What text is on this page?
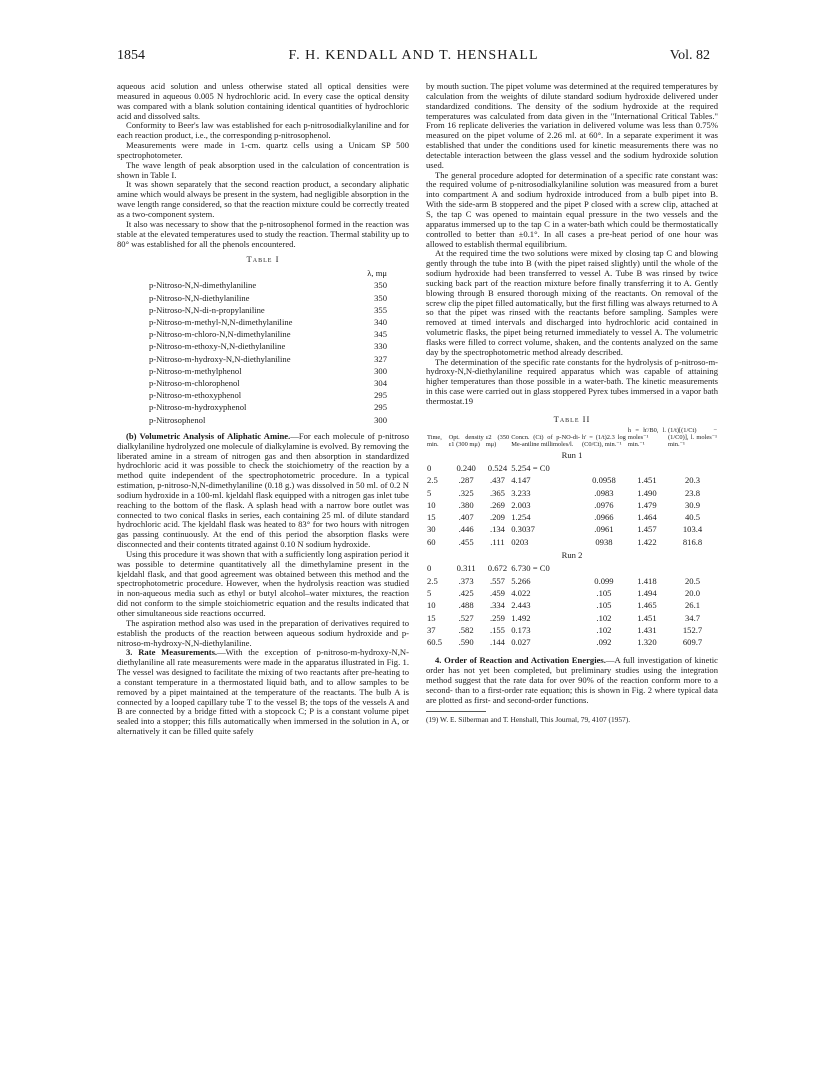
1854	F. H. KENDALL AND T. HENSHALL	Vol. 82

aqueous acid solution and unless otherwise stated all optical densities were measured in aqueous 0.005 N hydrochloric acid. In every case the optical density was compared with a blank solution containing identical quantities of hydrochloric acid and dissolved salts.

Conformity to Beer's law was established for each p-nitrosodialkylaniline and for each reaction product, i.e., the corresponding p-nitrosophenol.

Measurements were made in 1-cm. quartz cells using a Unicam SP 500 spectrophotometer.

The wave length of peak absorption used in the calculation of concentration is shown in Table I.

It was shown separately that the second reaction product, a secondary aliphatic amine which would always be present in the system, had negligible absorption in the wave length range considered, so that the reaction mixture could be correctly treated as a two-component system.

It also was necessary to show that the p-nitrosophenol formed in the reaction was stable at the elevated temperatures used to study the reaction. Thermal stability up to 80° was established for all the phenols encountered.

Table I
	λ, mμ
p-Nitroso-N,N-dimethylaniline	350
p-Nitroso-N,N-diethylaniline	350
p-Nitroso-N,N-di-n-propylaniline	355
p-Nitroso-m-methyl-N,N-dimethylaniline	340
p-Nitroso-m-chloro-N,N-dimethylaniline	345
p-Nitroso-m-ethoxy-N,N-diethylaniline	330
p-Nitroso-m-hydroxy-N,N-diethylaniline	327
p-Nitroso-m-methylphenol	300
p-Nitroso-m-chlorophenol	304
p-Nitroso-m-ethoxyphenol	295
p-Nitroso-m-hydroxyphenol	295
p-Nitrosophenol	300

(b) Volumetric Analysis of Aliphatic Amine.—For each molecule of p-nitroso dialkylaniline hydrolyzed one molecule of dialkylamine is evolved. By removing the liberated amine in a stream of nitrogen gas and then absorption in standardized hydrochloric acid it was possible to check the stoichiometry of the reaction by a method quite independent of the spectrophotometric procedure. In a typical estimation, p-nitroso-N,N-dimethylaniline (0.18 g.) was dissolved in 50 ml. of 0.2 N sodium hydroxide in a 100-ml. kjeldahl flask equipped with a nitrogen gas inlet tube reaching to the bottom of the flask. A splash head with a narrow bore outlet was connected to two conical flasks in series, each containing 25 ml. of dilute standard hydrochloric acid. The kjeldahl flask was heated to 83° for two hours with nitrogen gas passing continuously. At the end of this period the absorption flasks were disconnected and their contents titrated against 0.10 N sodium hydroxide.

Using this procedure it was shown that with a sufficiently long aspiration period it was possible to determine quantitatively all the dimethylamine present in the kjeldahl flask, and that good agreement was obtained between this method and the spectrophotometric procedure. However, when the hydrolysis reaction was studied in non-aqueous media such as ethyl or butyl alcohol–water mixtures, the reaction did not conform to the simple stoichiometric equation and the results indicated that other simultaneous side reactions occurred.

The aspiration method also was used in the preparation of derivatives required to establish the products of the reaction between aqueous sodium hydroxide and p-nitroso-m-hydroxy-N,N-diethylaniline.

3. Rate Measurements.—With the exception of p-nitroso-m-hydroxy-N,N-diethylaniline all rate measurements were made in the apparatus illustrated in Fig. 1. The vessel was designed to facilitate the mixing of two reactants after pre-heating to a constant temperature in a thermostated liquid bath, and to allow samples to be removed by a pipet maintained at the temperature of the reactants. The bulb A is connected by a looped capillary tube T to the vessel B; the tops of the vessels A and B are connected by a bridge fitted with a stopcock C; P is a constant volume pipet sealed into a stopper; this fills automatically when immersed in the solution in A, or alternatively it can be filled quite safely

by mouth suction. The pipet volume was determined at the required temperatures by calculation from the weights of dilute standard sodium hydroxide delivered under standardized conditions. The density of the sodium hydroxide at the required temperatures was calculated from data given in the "International Critical Tables." From 16 replicate deliveries the variation in delivered volume was less than 0.75% measured on the pipet volume of 2.26 ml. at 60°. In a separate experiment it was established that under the conditions used for kinetic measurements there was no detectable interaction between the glass vessel and the sodium hydroxide solution used.

The general procedure adopted for determination of a specific rate constant was: the required volume of p-nitrosodialkylaniline solution was measured from a buret into compartment A and sodium hydroxide introduced from a bulb pipet into B. With the side-arm B stoppered and the pipet P closed with a screw clip, attached at S, the tap C was opened to maintain equal pressure in the two vessels and the apparatus immersed up to the tap C in a water-bath which could be thermostatically controlled to better than ±0.1°. In all cases a pre-heat period of one hour was allowed to establish thermal equilibrium.

At the required time the two solutions were mixed by closing tap C and blowing gently through the tube into B (with the pipet raised slightly) until the whole of the sodium hydroxide had been transferred to vessel A. Tube B was rinsed by twice sucking back part of the reaction mixture before finally transferring it to A. Gently blowing through B ensured thorough mixing of the reactants. On removal of the screw clip the pipet filled automatically, but the first filling was always returned to A so that the pipet was rinsed with the reactants before sampling. Samples were removed at timed intervals and discharged into hydrochloric acid contained in volumetric flasks, the pipet being returned immediately to vessel A. The volumetric flasks were filled to correct volume, shaken, and the contents analyzed on the same day by the spectrophotometric method already described.

The determination of the specific rate constants for the hydrolysis of p-nitroso-m-hydroxy-N,N-diethylaniline required apparatus which was capable of attaining higher temperatures than those possible in a water-bath. The kinetic measurements in this case were carried out in glass stoppered Pyrex tubes immersed in a vapor bath thermostat.19

Table II
Time, min.	Opt. density ε1 (300 mμ)	ε2 (350 mμ)	Concn. (Ct) of p-NO-di-Me-aniline millimoles/l.	h' = (1/t)2.3 log (C0/Ct), min.⁻¹	h = h'/B0, l. moles⁻¹ min.⁻¹	(1/t)[(1/Ct) − (1/C0)], l. moles⁻¹ min.⁻¹
Run 1						
0	0.240	0.524	5.254 = C0			
2.5	.287	.437	4.147	0.0958	1.451	20.3
5	.325	.365	3.233	.0983	1.490	23.8
10	.380	.269	2.003	.0976	1.479	30.9
15	.407	.209	1.254	.0966	1.464	40.5
30	.446	.134	0.3037	.0961	1.457	103.4
60	.455	.111	0203	0938	1.422	816.8
Run 2						
0	0.311	0.672	6.730 = C0			
2.5	.373	.557	5.266	0.099	1.418	20.5
5	.425	.459	4.022	.105	1.494	20.0
10	.488	.334	2.443	.105	1.465	26.1
15	.527	.259	1.492	.102	1.451	34.7
37	.582	.155	0.173	.102	1.431	152.7
60.5	.590	.144	0.027	.092	1.320	609.7

4. Order of Reaction and Activation Energies.—A full investigation of kinetic order has not yet been completed, but preliminary studies using the integration method suggest that the rate data for over 90% of the reaction conform more to a second- than to a first-order rate equation; this is shown in Fig. 2 where typical data are plotted as first- and second-order functions.

(19) W. E. Silberman and T. Henshall, This Journal, 79, 4107 (1957).
